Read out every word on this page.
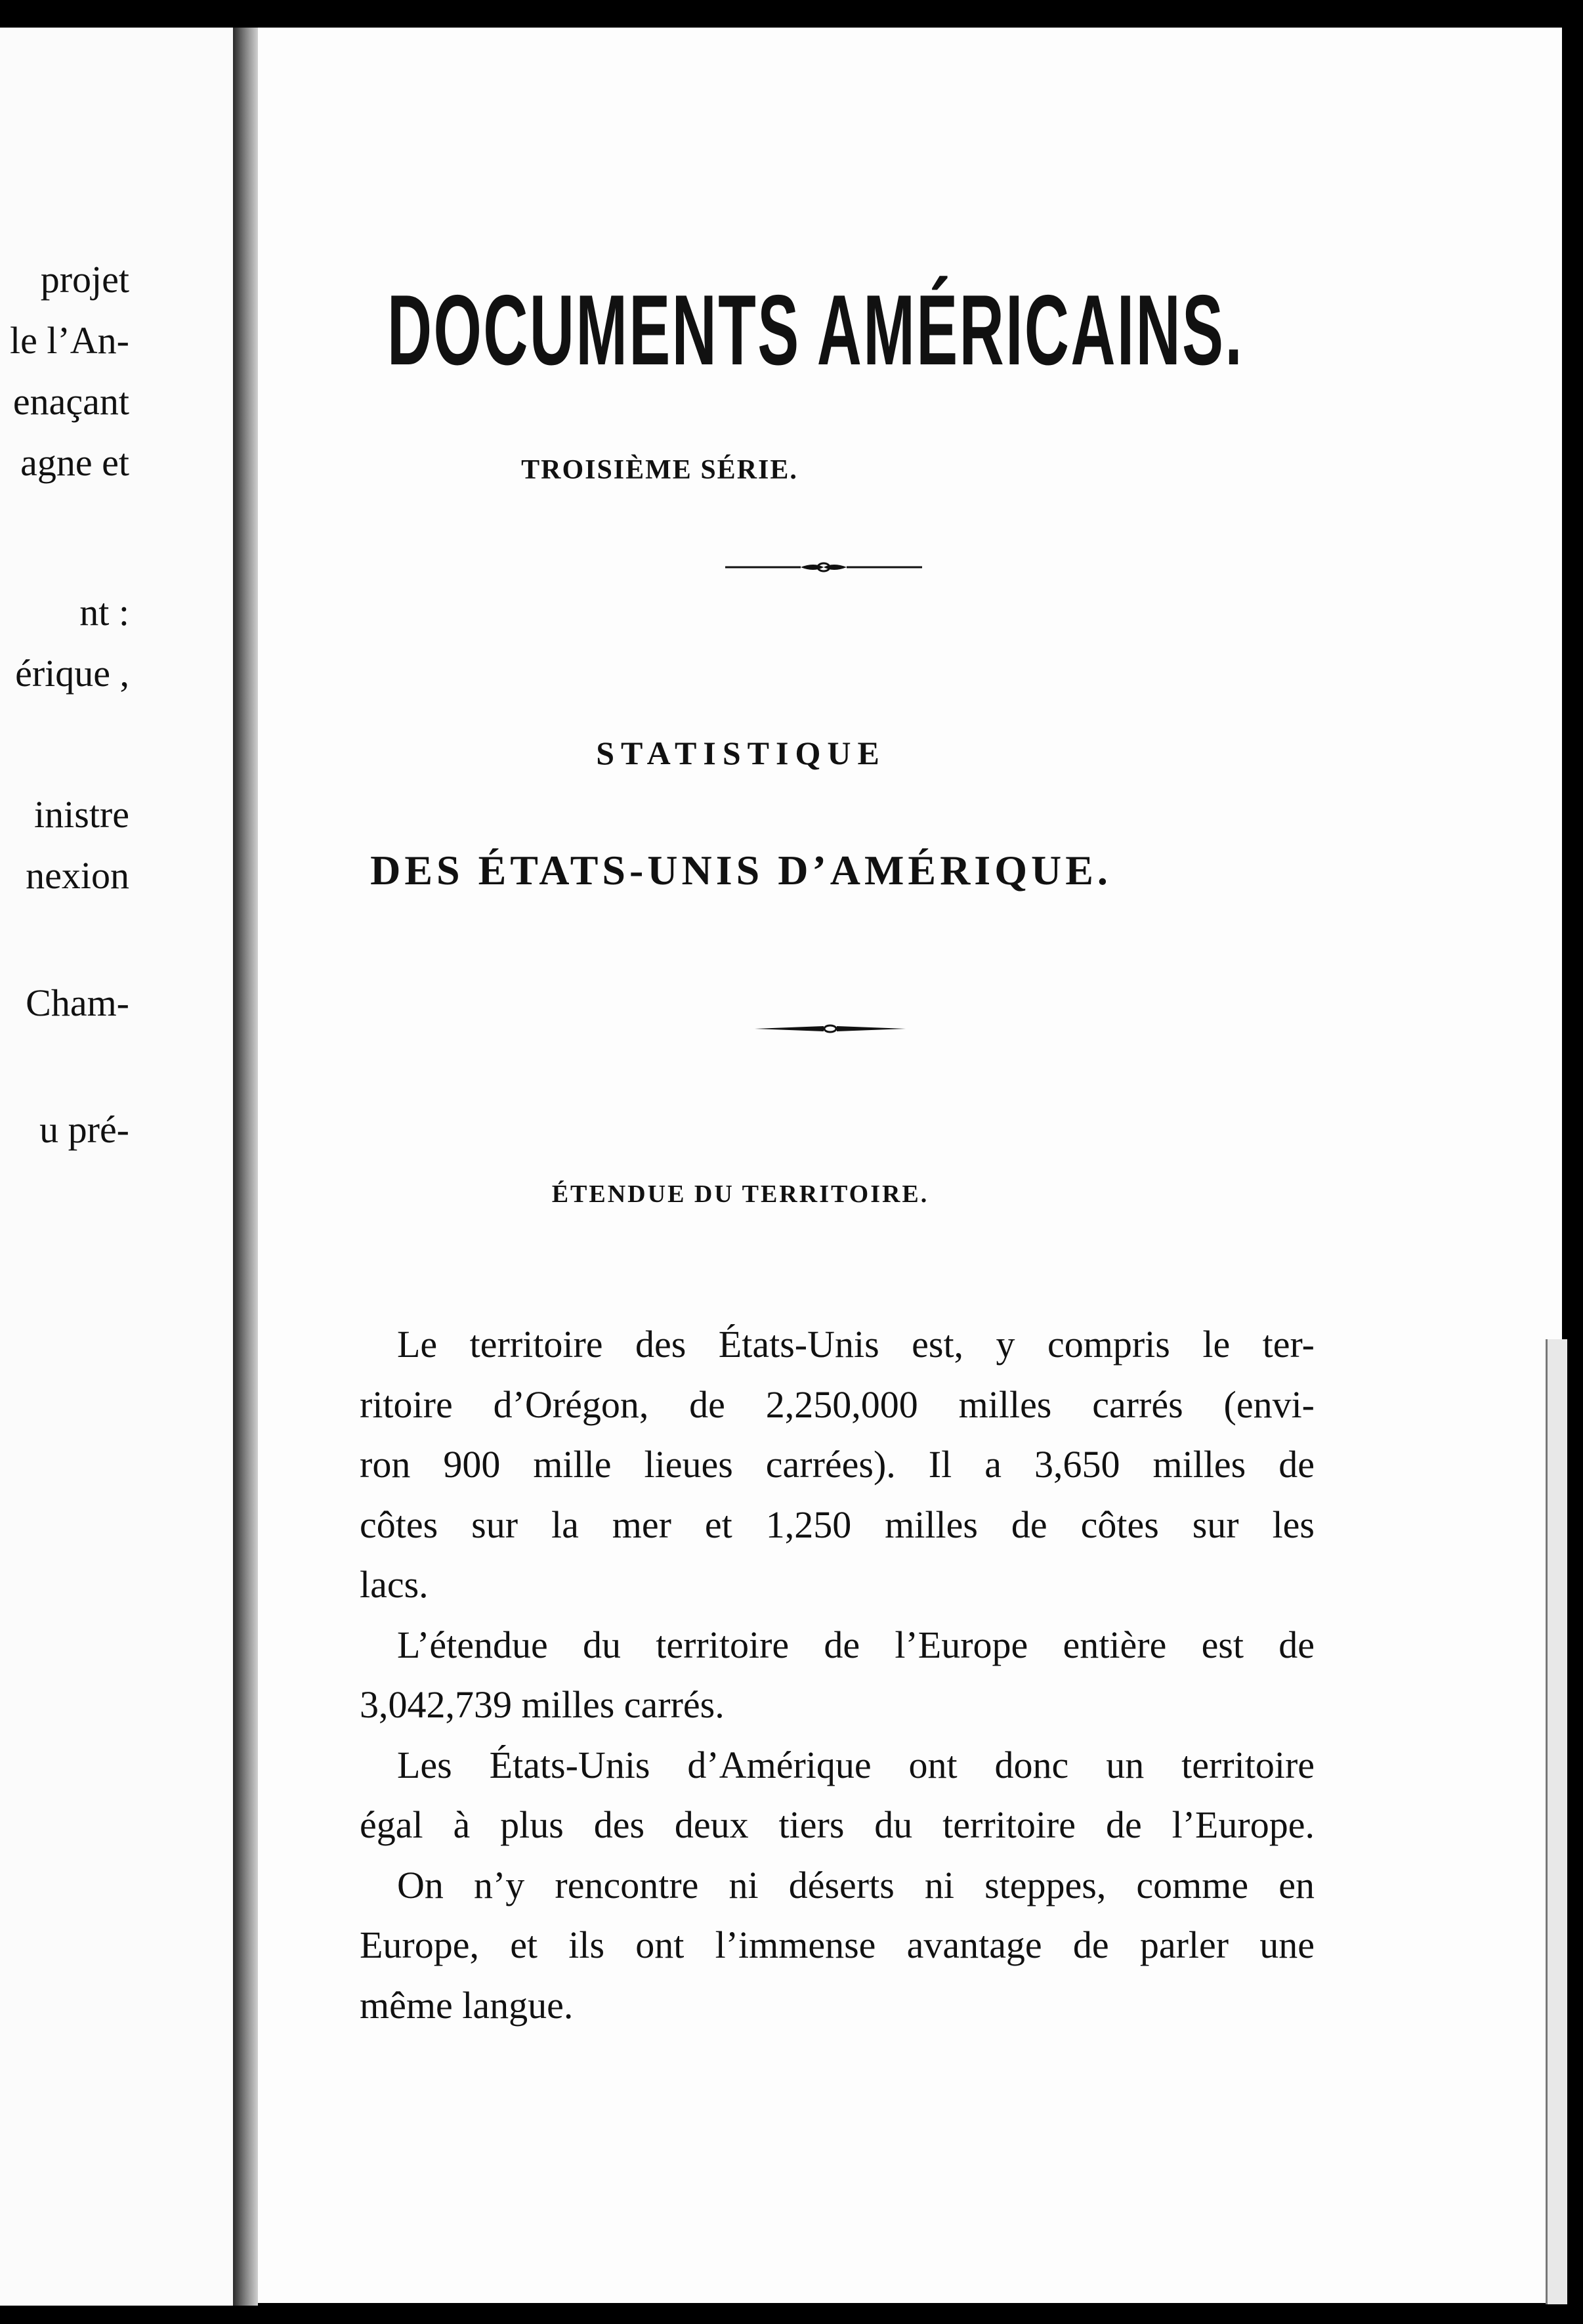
projet
le l’An-
enaçant
agne et
nt :
érique ,
inistre
nexion
Cham-
u pré-
DOCUMENTS AMÉRICAINS.
TROISIÈME SÉRIE.
STATISTIQUE
DES ÉTATS-UNIS D’AMÉRIQUE.
ÉTENDUE DU TERRITOIRE.
Le territoire des États-Unis est, y compris le ter-
ritoire d’Orégon, de 2,250,000 milles carrés (envi-
ron 900 mille lieues carrées). Il a 3,650 milles de
côtes sur la mer et 1,250 milles de côtes sur les
lacs.
L’étendue du territoire de l’Europe entière est de
3,042,739 milles carrés.
Les États-Unis d’Amérique ont donc un territoire
égal à plus des deux tiers du territoire de l’Europe.
On n’y rencontre ni déserts ni steppes, comme en
Europe, et ils ont l’immense avantage de parler une
même langue.
